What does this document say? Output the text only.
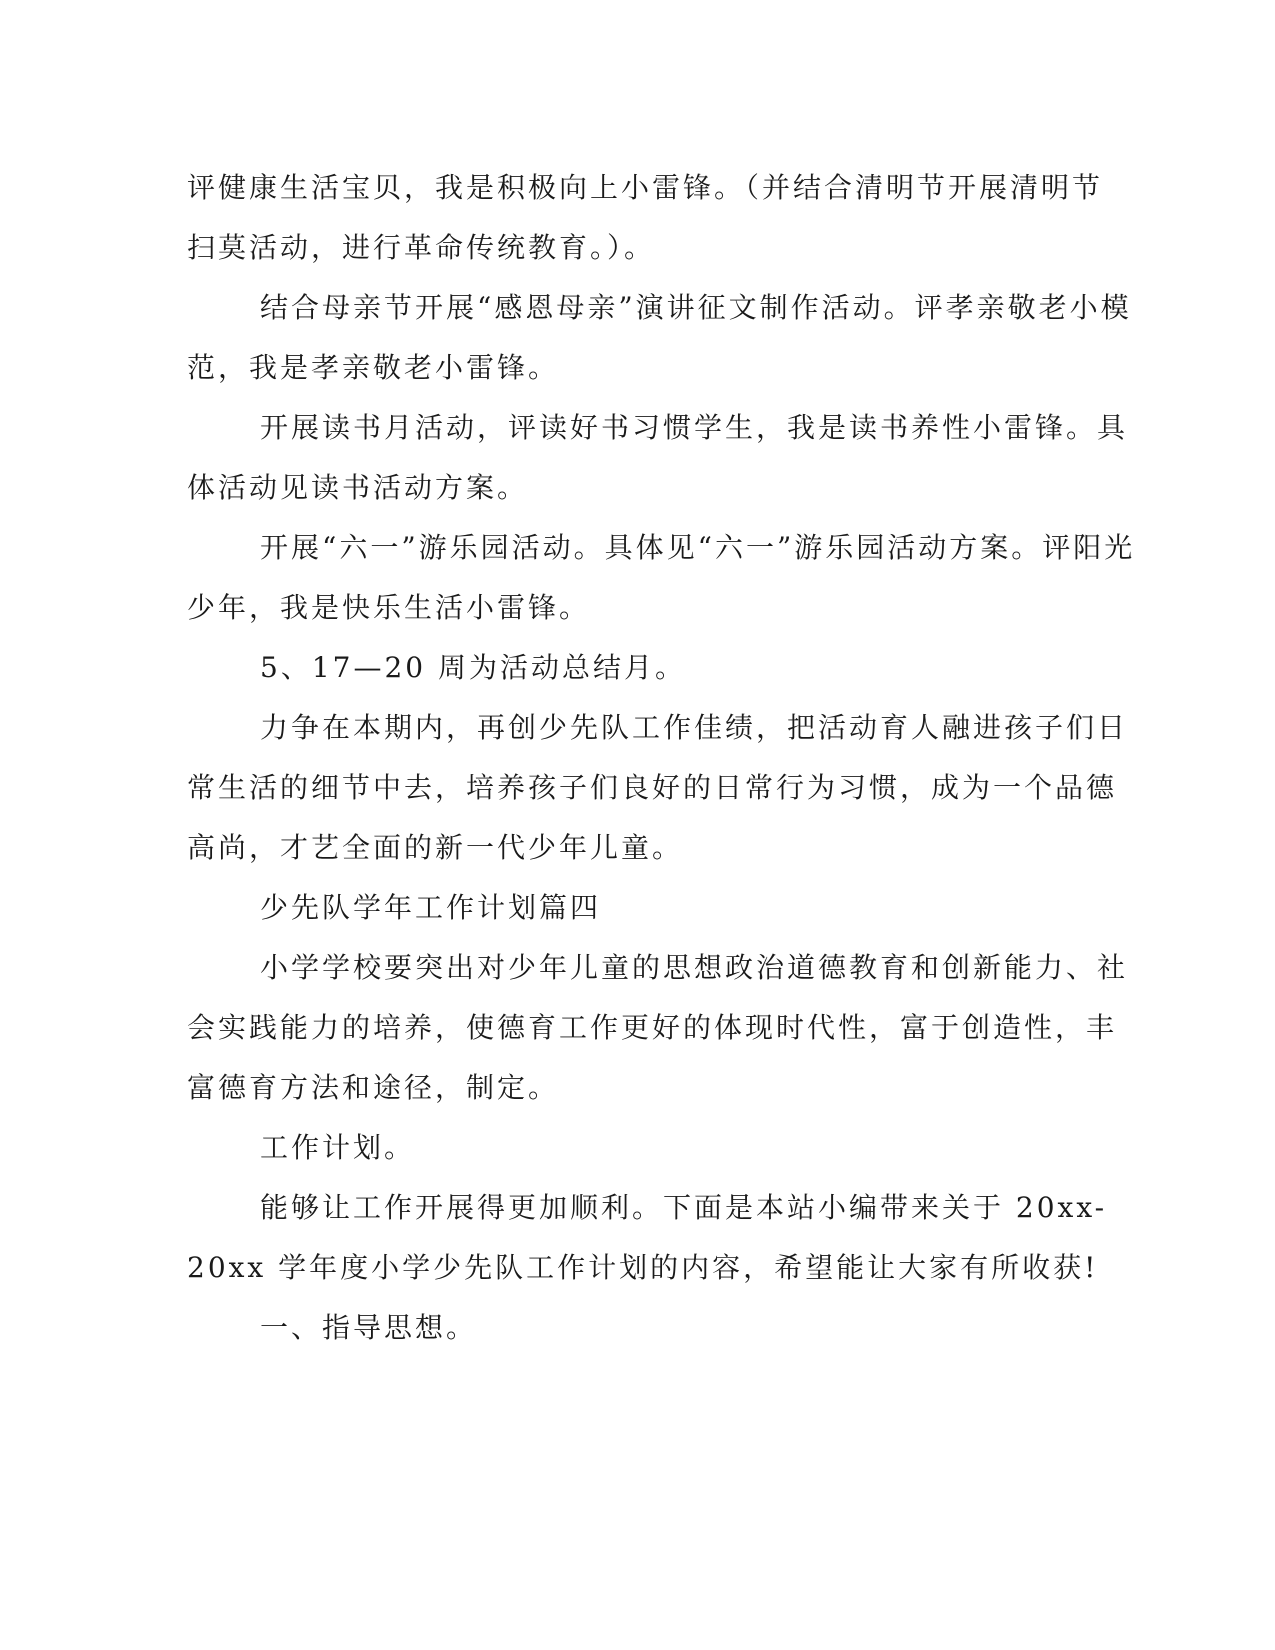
评健康生活宝贝，我是积极向上小雷锋。（并结合清明节开展清明节
扫莫活动，进行革命传统教育。）。

结合母亲节开展“感恩母亲”演讲征文制作活动。评孝亲敬老小模
范，我是孝亲敬老小雷锋。

开展读书月活动，评读好书习惯学生，我是读书养性小雷锋。具
体活动见读书活动方案。

开展“六一”游乐园活动。具体见“六一”游乐园活动方案。评阳光
少年，我是快乐生活小雷锋。

5、17—20 周为活动总结月。

力争在本期内，再创少先队工作佳绩，把活动育人融进孩子们日
常生活的细节中去，培养孩子们良好的日常行为习惯，成为一个品德
高尚，才艺全面的新一代少年儿童。

少先队学年工作计划篇四

小学学校要突出对少年儿童的思想政治道德教育和创新能力、社
会实践能力的培养，使德育工作更好的体现时代性，富于创造性，丰
富德育方法和途径，制定。

工作计划。

能够让工作开展得更加顺利。下面是本站小编带来关于 20xx-
20xx 学年度小学少先队工作计划的内容，希望能让大家有所收获!

一、指导思想。
